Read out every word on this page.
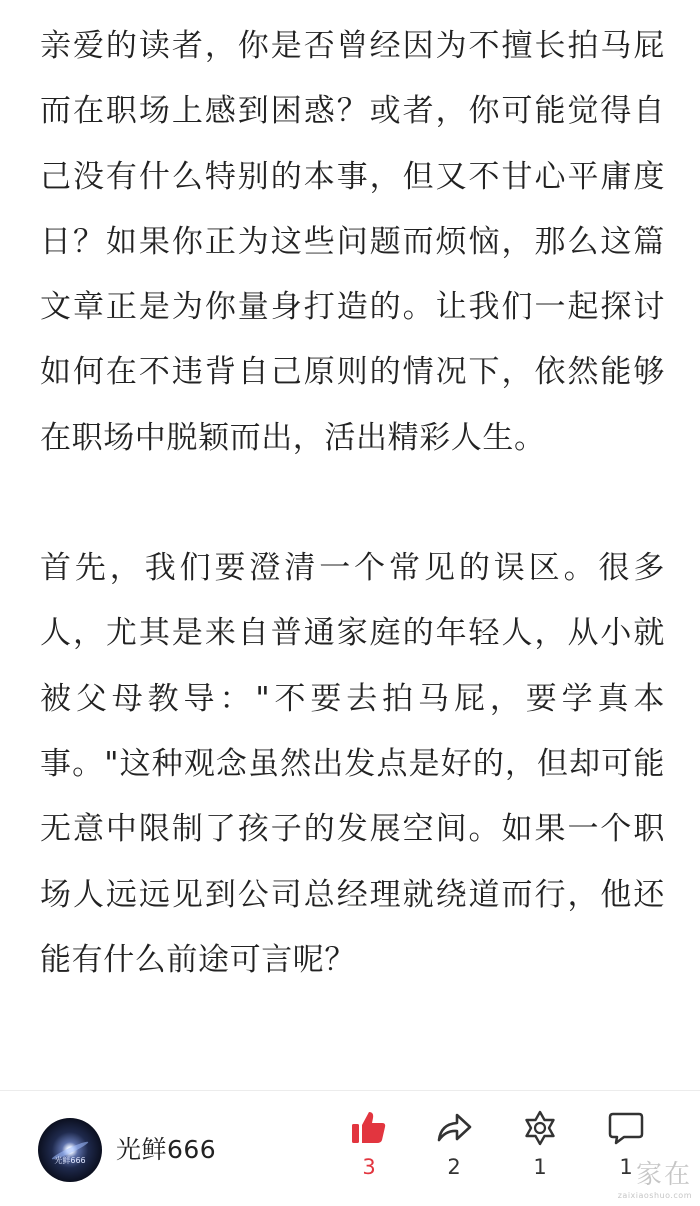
亲爱的读者，你是否曾经因为不擅长拍马屁而在职场上感到困惑？或者，你可能觉得自己没有什么特别的本事，但又不甘心平庸度日？如果你正为这些问题而烦恼，那么这篇文章正是为你量身打造的。让我们一起探讨如何在不违背自己原则的情况下，依然能够在职场中脱颖而出，活出精彩人生。

首先，我们要澄清一个常见的误区。很多人，尤其是来自普通家庭的年轻人，从小就被父母教导："不要去拍马屁，要学真本事。"这种观念虽然出发点是好的，但却可能无意中限制了孩子的发展空间。如果一个职场人远远见到公司总经理就绕道而行，他还能有什么前途可言呢？

光鲜666	光鲜666
3	2	1	1 家在
zaixiaoshuo.com
